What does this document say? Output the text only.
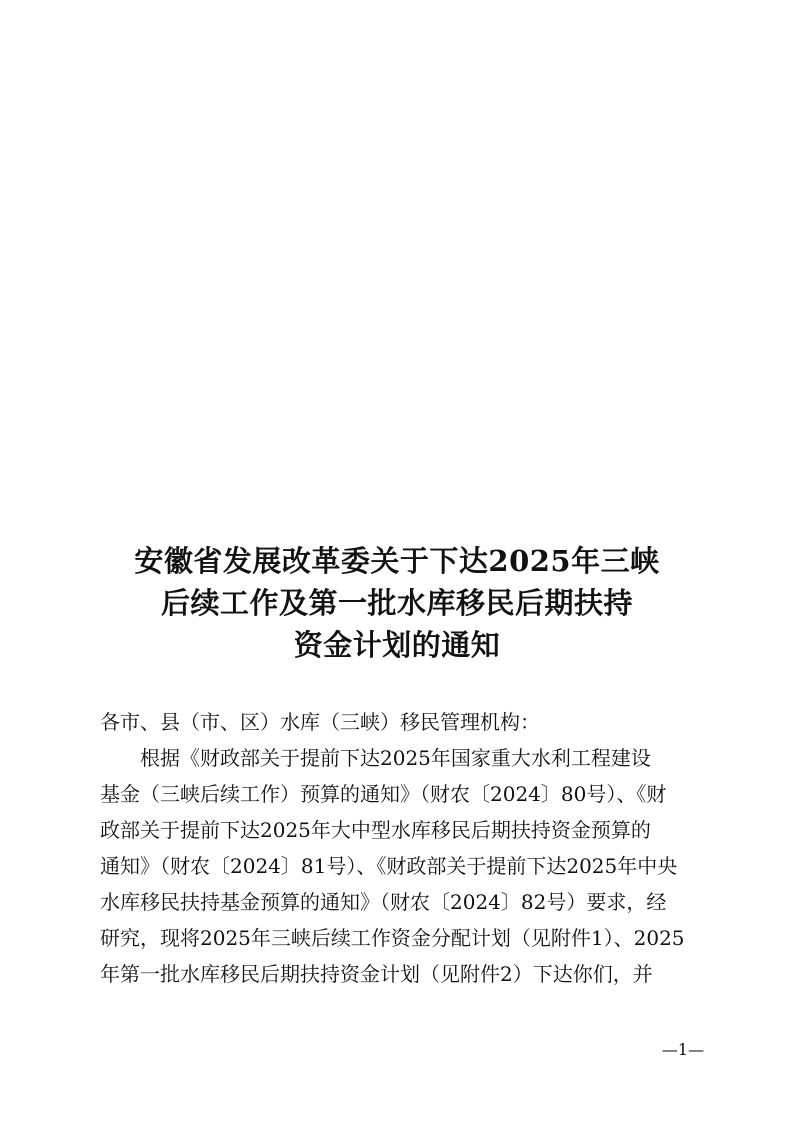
安徽省发展改革委关于下达2025年三峡
后续工作及第一批水库移民后期扶持
资金计划的通知
各市、县（市、区）水库（三峡）移民管理机构：
根据《财政部关于提前下达2025年国家重大水利工程建设
基金（三峡后续工作）预算的通知》（财农〔2024〕80号）、《财
政部关于提前下达2025年大中型水库移民后期扶持资金预算的
通知》（财农〔2024〕81号）、《财政部关于提前下达2025年中央
水库移民扶持基金预算的通知》（财农〔2024〕82号）要求，经
研究，现将2025年三峡后续工作资金分配计划（见附件1）、2025
年第一批水库移民后期扶持资金计划（见附件2）下达你们，并
—1—
